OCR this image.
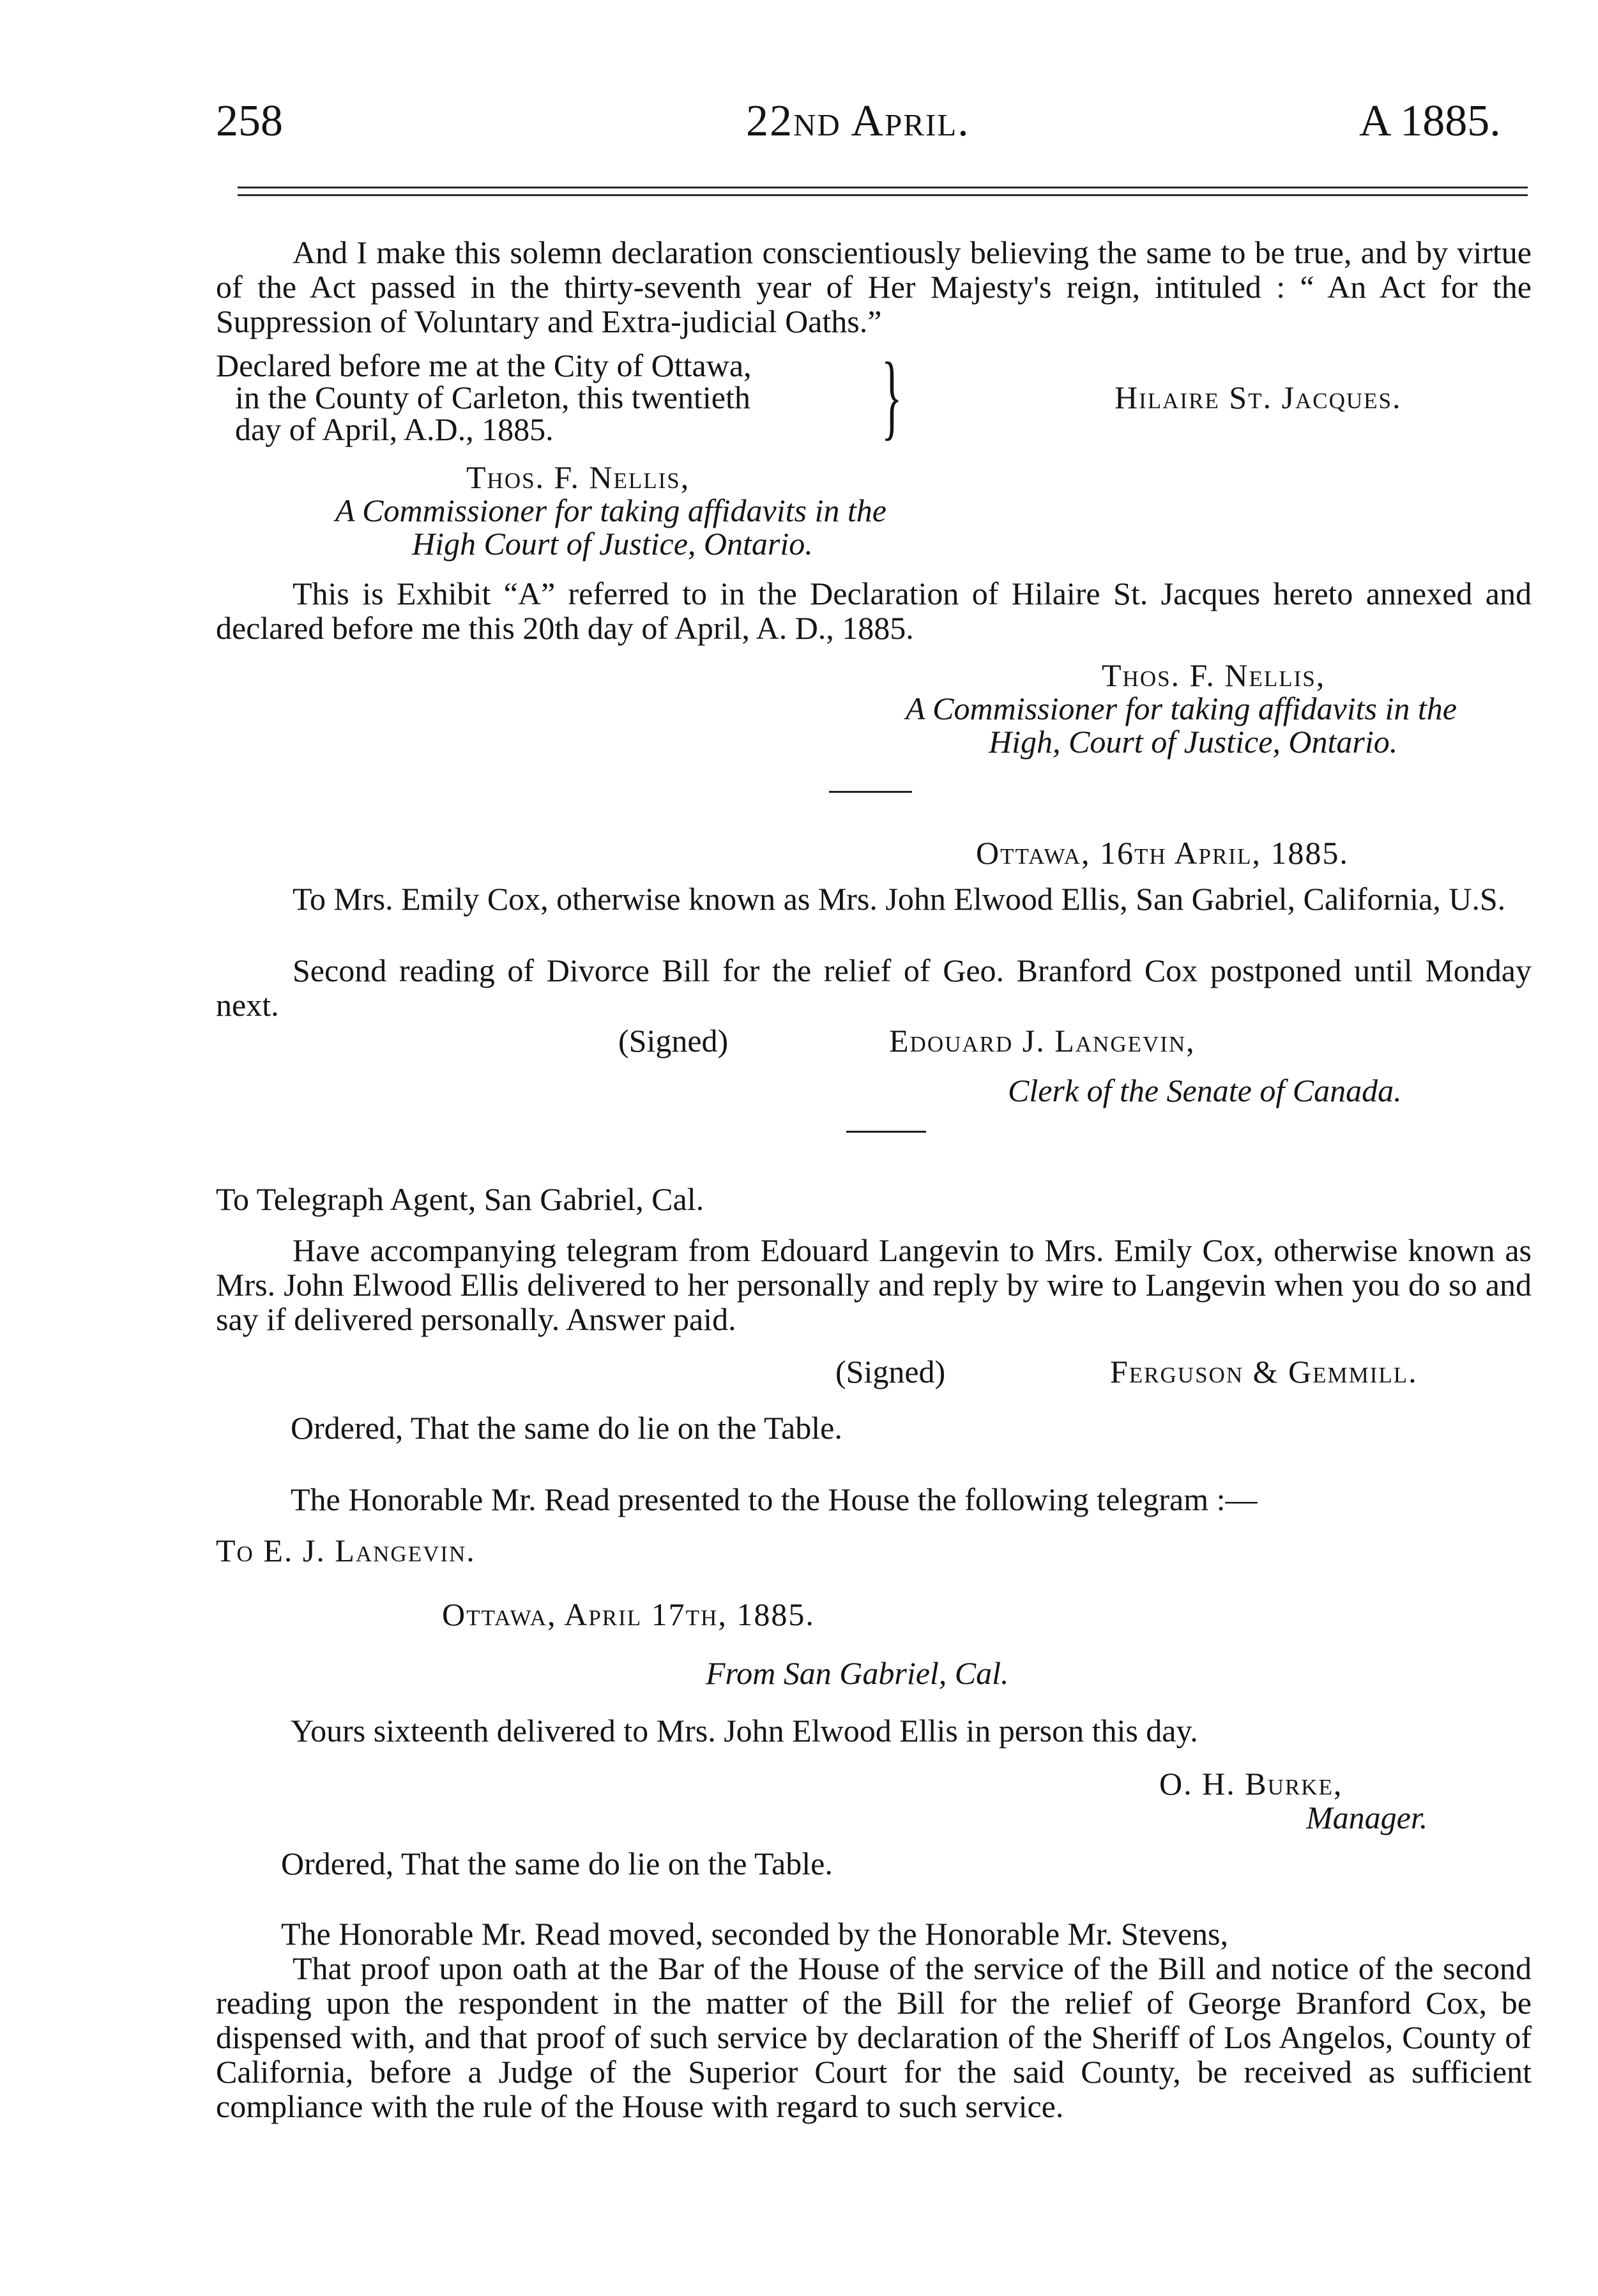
258	22nd April.	A 1885.
And I make this solemn declaration conscientiously believing the same to be true, and by virtue of the Act passed in the thirty-seventh year of Her Majesty's reign, intituled : “ An Act for the Suppression of Voluntary and Extra-judicial Oaths.”
Declared before me at the City of Ottawa,
in the County of Carleton, this twentieth
day of April, A.D., 1885.	}	Hilaire St. Jacques.
Thos. F. Nellis,
A Commissioner for taking affidavits in the
High Court of Justice, Ontario.
This is Exhibit “A” referred to in the Declaration of Hilaire St. Jacques hereto annexed and declared before me this 20th day of April, A. D., 1885.
Thos. F. Nellis,
A Commissioner for taking affidavits in the
High, Court of Justice, Ontario.
Ottawa, 16th April, 1885.
To Mrs. Emily Cox, otherwise known as Mrs. John Elwood Ellis, San Gabriel, California, U.S.
Second reading of Divorce Bill for the relief of Geo. Branford Cox postponed until Monday next.
(Signed)	Edouard J. Langevin,
Clerk of the Senate of Canada.
To Telegraph Agent, San Gabriel, Cal.
Have accompanying telegram from Edouard Langevin to Mrs. Emily Cox, otherwise known as Mrs. John Elwood Ellis delivered to her personally and reply by wire to Langevin when you do so and say if delivered personally. Answer paid.
(Signed)	Ferguson & Gemmill.
Ordered, That the same do lie on the Table.
The Honorable Mr. Read presented to the House the following telegram :—
To E. J. Langevin.
Ottawa, April 17th, 1885.
From San Gabriel, Cal.
Yours sixteenth delivered to Mrs. John Elwood Ellis in person this day.
O. H. Burke,
Manager.
Ordered, That the same do lie on the Table.
The Honorable Mr. Read moved, seconded by the Honorable Mr. Stevens,
That proof upon oath at the Bar of the House of the service of the Bill and notice of the second reading upon the respondent in the matter of the Bill for the relief of George Branford Cox, be dispensed with, and that proof of such service by declaration of the Sheriff of Los Angelos, County of California, before a Judge of the Superior Court for the said County, be received as sufficient compliance with the rule of the House with regard to such service.
